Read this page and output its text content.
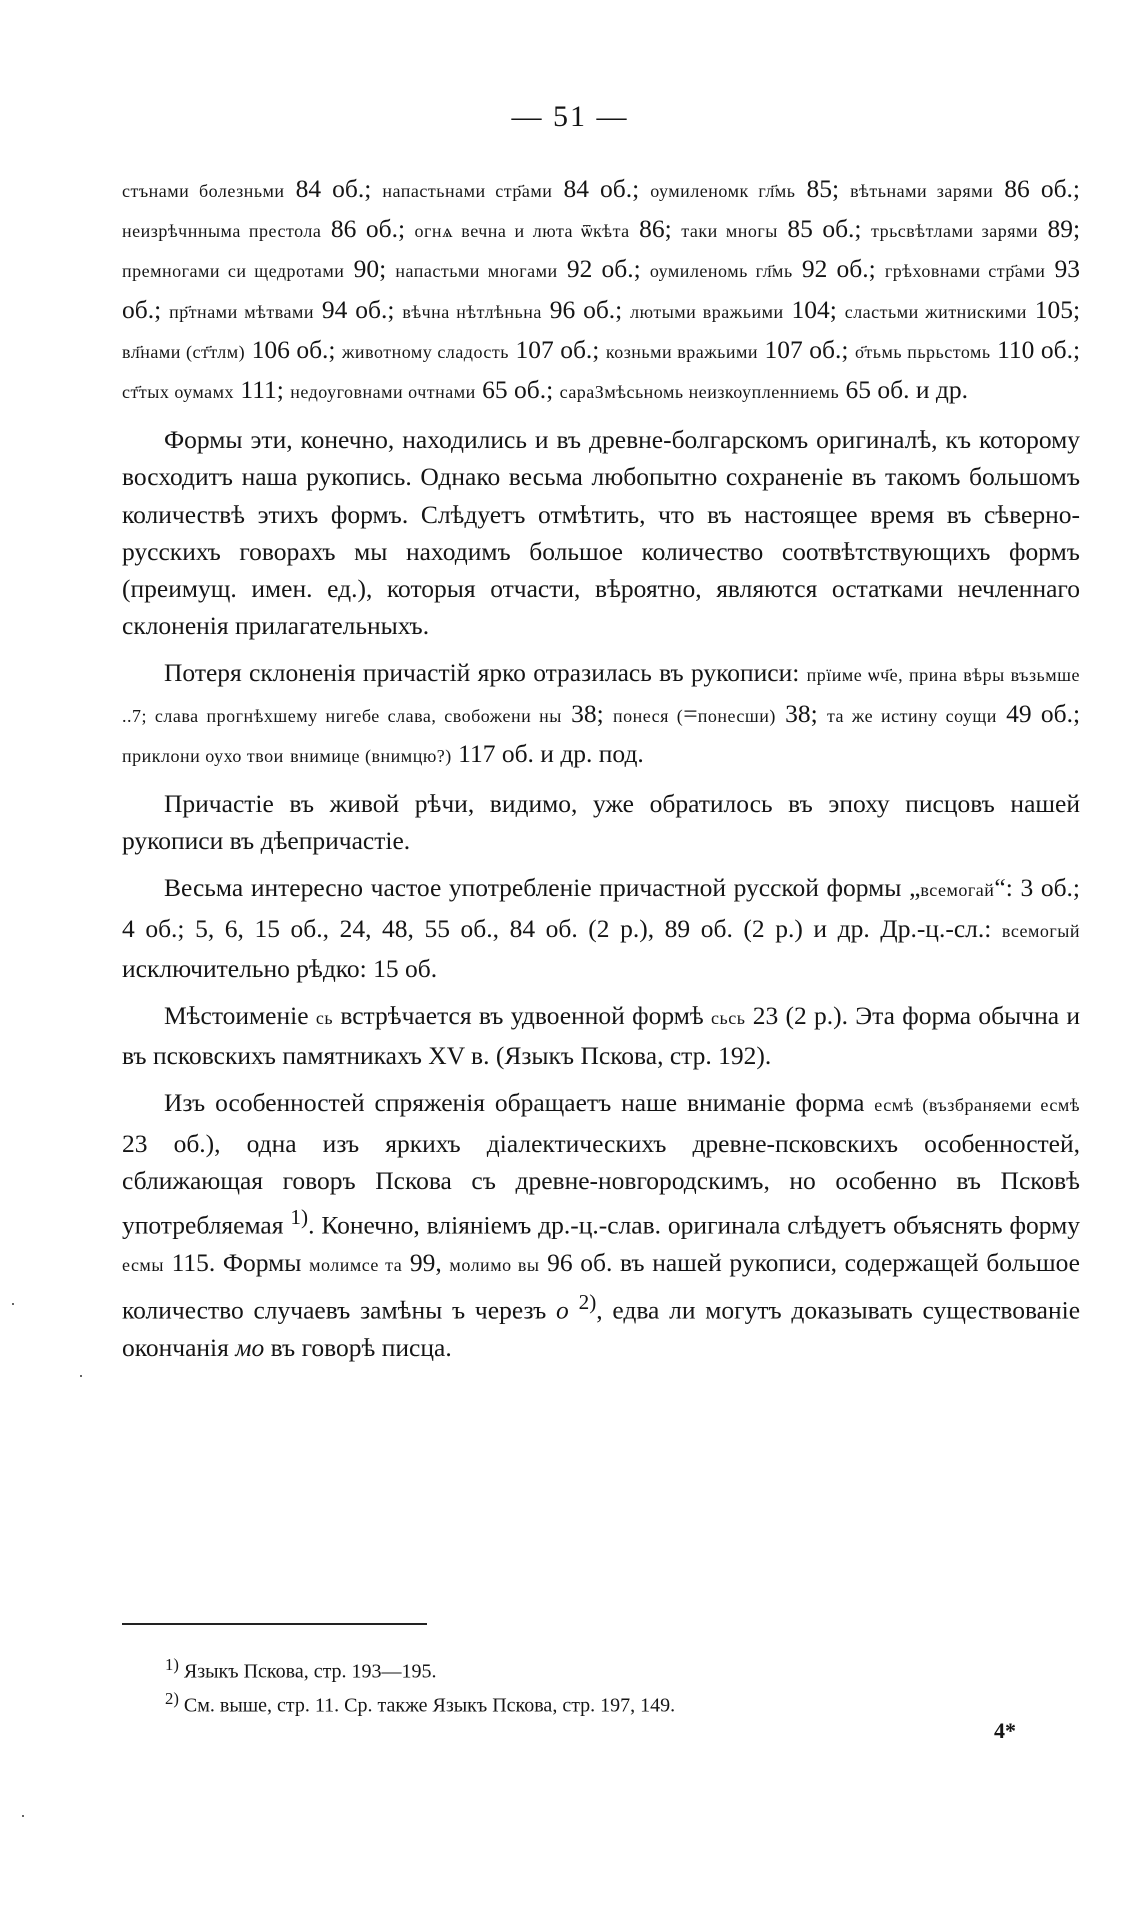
— 51 —

стънами болезньми 84 об.; напастьнами стр҃ами 84 об.; оумиленомк гл҃мь 85; вѣтьнами зарями 86 об.; неизрѣчнныма престола 86 об.; огнѧ вечна и люта ѿкѣта 86; таки многы 85 об.; трьсвѣтлами зарями 89; премногами си щедротами 90; напастьми многами 92 об.; оумиленомь гл҃мь 92 об.; грѣховнами стр҃ами 93 об.; пр҃тнами мѣтвами 94 об.; вѣчна нѣтлѣньна 96 об.; лютыми вражьими 104; сластьми житнискими 105; вл҃нами (ст҃тлм) 106 об.; животному сладость 107 об.; козньми вражьими 107 об.; о҃тьмь пьрьстомь 110 об.; ст҃тых оумамх 111; недоуговнами очтнами 65 об.; сараЗмѣсьномь неизкоупленниемь 65 об. и др.

Формы эти, конечно, находились и въ древне-болгарскомъ оригиналѣ, къ которому восходитъ наша рукопись. Однако весьма любопытно сохраненіе въ такомъ большомъ количествѣ этихъ формъ. Слѣдуетъ отмѣтить, что въ настоящее время въ сѣверно-русскихъ говорахъ мы находимъ большое количество соотвѣтствующихъ формъ (преимущ. имен. ед.), которыя отчасти, вѣроятно, являются остатками нечленнаго склоненія прилагательныхъ.

Потеря склоненія причастій ярко отразилась въ рукописи: прїиме ѡч҃е, прина вѣры възьмше ..7; слава прогнѣхшему нигебе слава, свобожени ны 38; понеся (=понесши) 38; та же истину соущи 49 об.; приклони оухо твои внимице (внимцю?) 117 об. и др. под.

Причастіе въ живой рѣчи, видимо, уже обратилось въ эпоху писцовъ нашей рукописи въ дѣепричастіе.

Весьма интересно частое употребленіе причастной русской формы „всемогай“: 3 об.; 4 об.; 5, 6, 15 об., 24, 48, 55 об., 84 об. (2 р.), 89 об. (2 р.) и др. Др.-ц.-сл.: всемогый исключительно рѣдко: 15 об.

Мѣстоименіе сь встрѣчается въ удвоенной формѣ сьсь 23 (2 р.). Эта форма обычна и въ псковскихъ памятникахъ XV в. (Языкъ Пскова, стр. 192).

Изъ особенностей спряженія обращаетъ наше вниманіе форма есмѣ (възбраняеми есмѣ 23 об.), одна изъ яркихъ діалектическихъ древне-псковскихъ особенностей, сближающая говоръ Пскова съ древне-новгородскимъ, но особенно въ Псковѣ употребляемая $^{1)}$. Конечно, вліяніемъ др.-ц.-слав. оригинала слѣдуетъ объяснять форму есмы 115. Формы молимсе та 99, молимо вы 96 об. въ нашей рукописи, содержащей большое количество случаевъ замѣны ъ черезъ о $^{2)}$, едва ли могутъ доказывать существованіе окончанія мо въ говорѣ писца.

$^{1)}$ Языкъ Пскова, стр. 193—195.
$^{2)}$ См. выше, стр. 11. Ср. также Языкъ Пскова, стр. 197, 149.
4*
